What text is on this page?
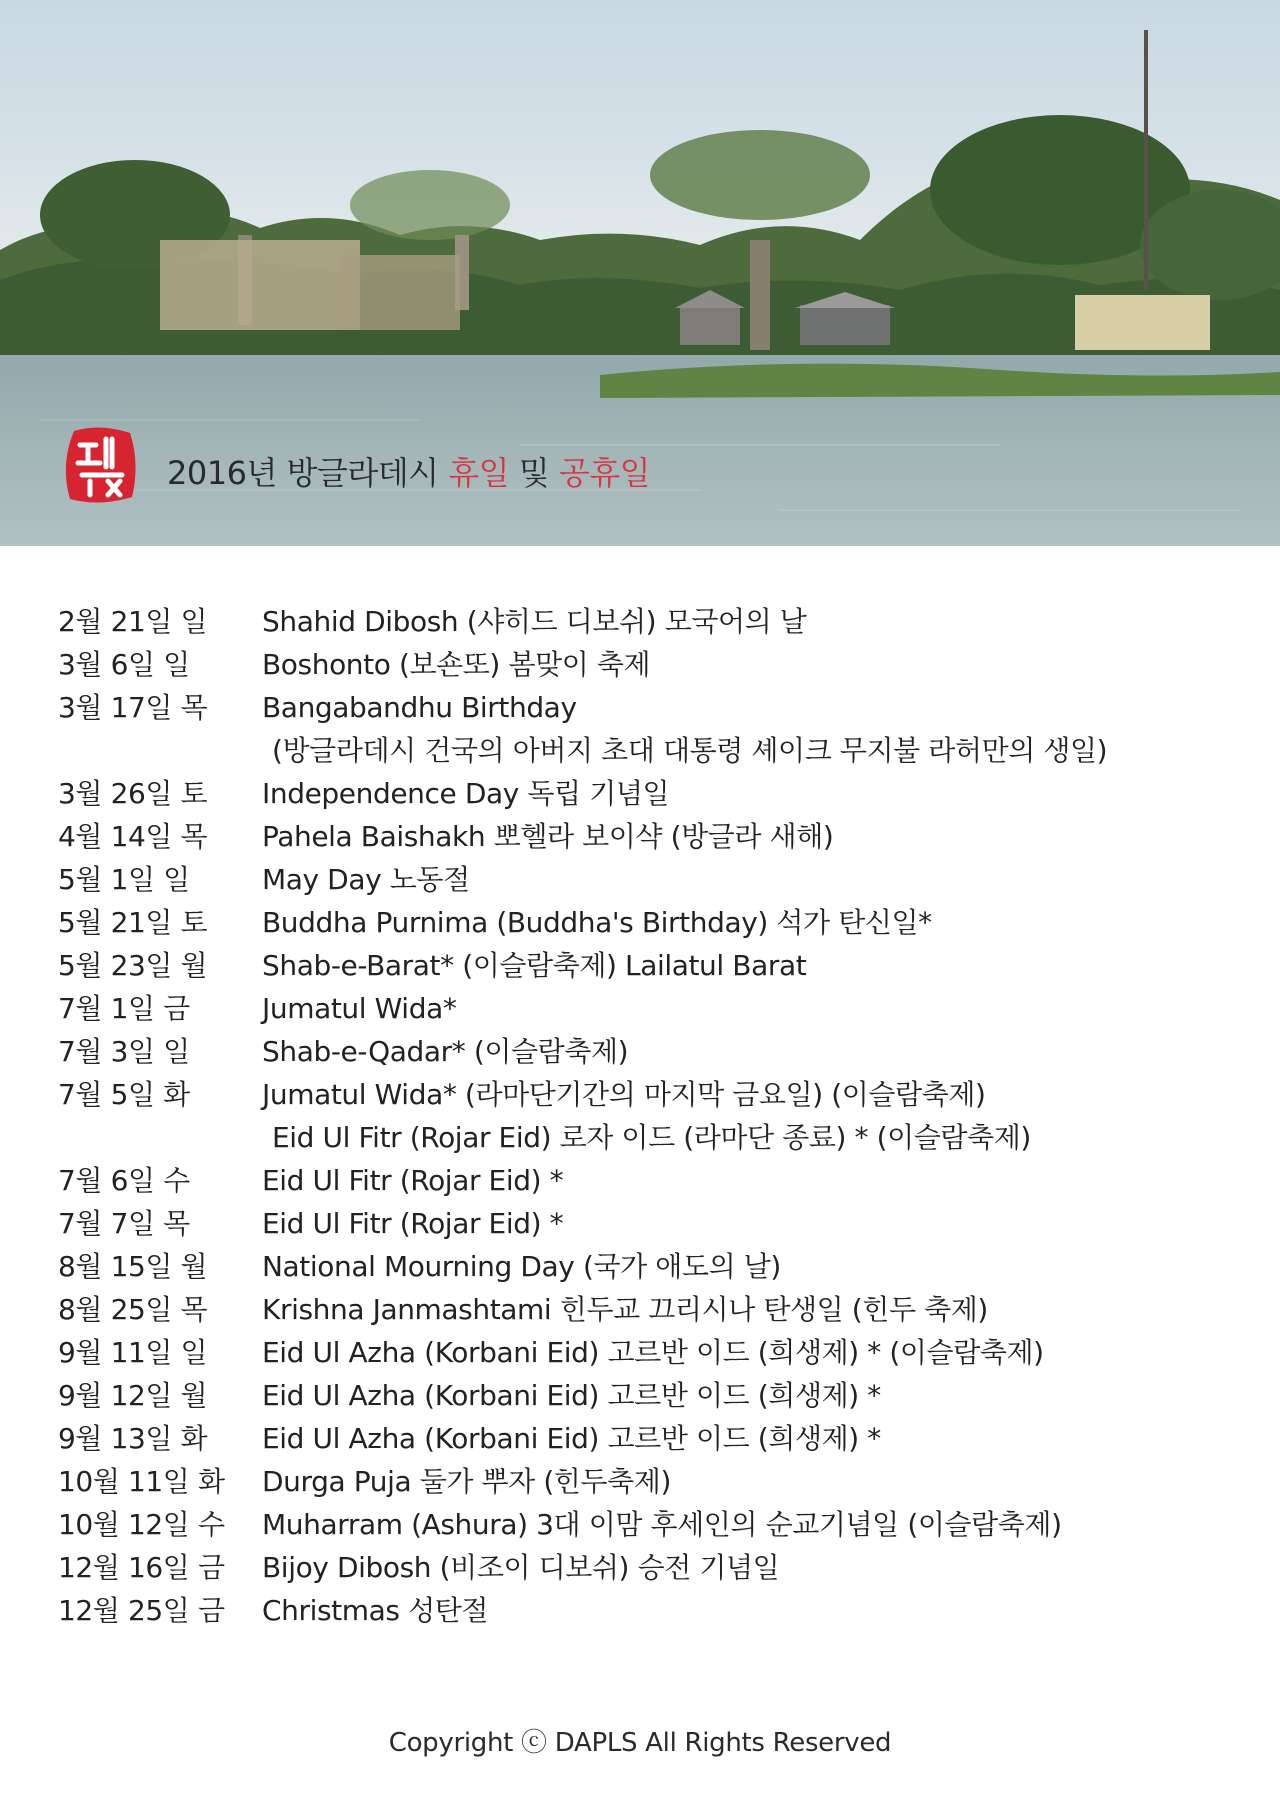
2016년 방글라데시 휴일 및 공휴일
2월 21일 일 Shahid Dibosh (샤히드 디보쉬) 모국어의 날
3월 6일 일	Boshonto (보숀또) 봄맞이 축제
3월 17일 목 Bangabandhu Birthday
(방글라데시 건국의 아버지 초대 대통령 셰이크 무지불 라허만의 생일)
3월 26일 토 Independence Day 독립 기념일
4월 14일 목 Pahela Baishakh 뽀헬라 보이샥 (방글라 새해)
5월 1일 일	May Day 노동절
5월 21일 토 Buddha Purnima (Buddha's Birthday) 석가 탄신일*
5월 23일 월 Shab-e-Barat* (이슬람축제) Lailatul Barat
7월 1일 금	Jumatul Wida*
7월 3일 일	Shab-e-Qadar* (이슬람축제)
7월 5일 화	Jumatul Wida* (라마단기간의 마지막 금요일) (이슬람축제)
Eid Ul Fitr (Rojar Eid) 로자 이드 (라마단 종료) * (이슬람축제)
7월 6일 수	Eid Ul Fitr (Rojar Eid) *
7월 7일 목	Eid Ul Fitr (Rojar Eid) *
8월 15일 월 National Mourning Day (국가 애도의 날)
8월 25일 목 Krishna Janmashtami 힌두교 끄리시나 탄생일 (힌두 축제)
9월 11일 일 Eid Ul Azha (Korbani Eid) 고르반 이드 (희생제) * (이슬람축제)
9월 12일 월 Eid Ul Azha (Korbani Eid) 고르반 이드 (희생제) *
9월 13일 화 Eid Ul Azha (Korbani Eid) 고르반 이드 (희생제) *
10월 11일 화 Durga Puja 둘가 뿌자 (힌두축제)
10월 12일 수 Muharram (Ashura) 3대 이맘 후세인의 순교기념일 (이슬람축제)
12월 16일 금 Bijoy Dibosh (비조이 디보쉬) 승전 기념일
12월 25일 금 Christmas 성탄절
Copyright ⓒ DAPLS All Rights Reserved
